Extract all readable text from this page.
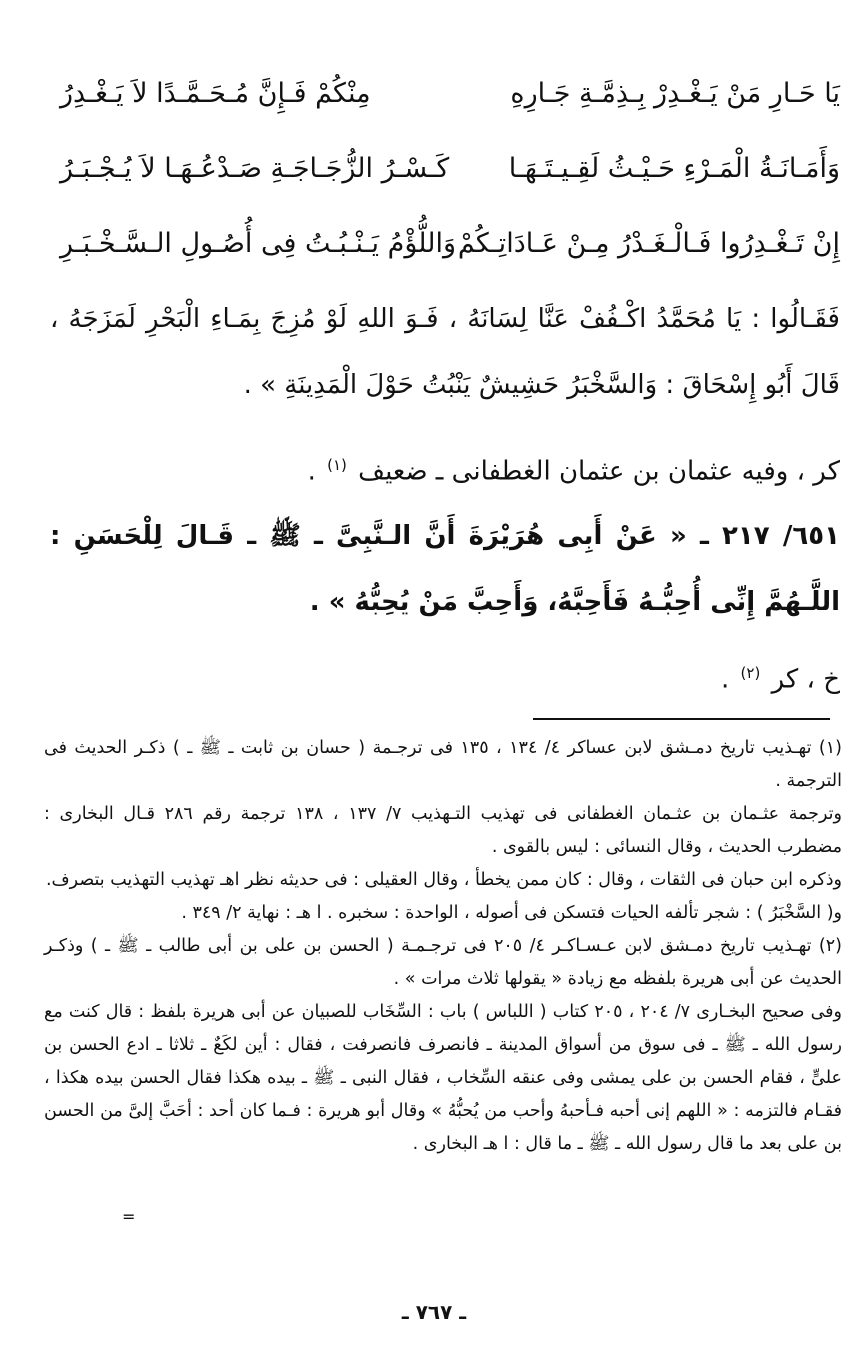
يَا حَـارِ مَنْ يَـغْـدِرْ بِـذِمَّـةِ جَـارِهِ
مِنْكُمْ فَـإِنَّ مُـحَـمَّـدًا لاَ يَـغْـدِرُ
وَأَمَـانَـةُ الْمَـرْءِ حَـيْـثُ لَقِـيـتَـهَـا
كَـسْـرُ الزُّجَـاجَـةِ صَـدْعُـهَـا لاَ يُـجْـبَـرُ
إِنْ تَـغْـدِرُوا فَـالْـغَـدْرُ مِـنْ عَـادَاتِـكُمْ
وَاللُّؤْمُ يَـنْـبُـتُ فِى أُصُـولِ الـسَّـخْـبَـرِ
فَقَـالُوا : يَا مُحَمَّدُ اكْـفُفْ عَنَّا لِسَانَهُ ، فَـوَ اللهِ لَوْ مُزِجَ بِمَـاءِ الْبَحْرِ لَمَزَجَهُ ، قَالَ أَبُو إِسْحَاقَ : وَالسَّخْبَرُ حَشِيشٌ يَنْبُتُ حَوْلَ الْمَدِينَةِ » .
كر ، وفيه عثمان بن عثمان الغطفانى ـ ضعيف $^{(١)}$ .
٦٥١/ ٢١٧ ـ « عَنْ أَبِى هُرَيْرَةَ أَنَّ الـنَّبِىَّ ـ ﷺ ـ قَـالَ لِلْحَسَنِ : اللَّـهُمَّ إِنِّى أُحِبُّـهُ فَأَحِبَّهُ، وَأَحِبَّ مَنْ يُحِبُّهُ » .
خ ، كر $^{(٢)}$ .

(١) تهـذيب تاريخ دمـشق لابن عساكر ٤/ ١٣٤ ، ١٣٥ فى ترجـمة ( حسان بن ثابت ـ ﷺ ـ ) ذكـر الحديث فى الترجمة .

وترجمة عثـمان بن عثـمان الغطفانى فى تهذيب التـهذيب ٧/ ١٣٧ ، ١٣٨ ترجمة رقم ٢٨٦ قـال البخارى : مضطرب الحديث ، وقال النسائى : ليس بالقوى .

وذكره ابن حبان فى الثقات ، وقال : كان ممن يخطأ ، وقال العقيلى : فى حديثه نظر اهـ تهذيب التهذيب بتصرف.

و( السَّخْبَرُ ) : شجر تألفه الحيات فتسكن فى أصوله ، الواحدة : سخبره . ا هـ : نهاية ٢/ ٣٤٩ .

(٢) تهـذيب تاريخ دمـشق لابن عـسـاكـر ٤/ ٢٠٥ فى ترجـمـة ( الحسن بن على بن أبى طالب ـ ﷺ ـ ) وذكـر الحديث عن أبى هريرة بلفظه مع زيادة « يقولها ثلاث مرات » .

وفى صحيح البخـارى ٧/ ٢٠٤ ، ٢٠٥ كتاب ( اللباس ) باب : السِّخَاب للصبيان عن أبى هريرة بلفظ : قال كنت مع رسول الله ـ ﷺ ـ فى سوق من أسواق المدينة ـ فانصرف فانصرفت ، فقال : أين لكَعٌ ـ ثلاثا ـ ادع الحسن بن علىٍّ ، فقام الحسن بن على يمشى وفى عنقه السِّخاب ، فقال النبى ـ ﷺ ـ بيده هكذا فقال الحسن بيده هكذا ، فقـام فالتزمه : « اللهم إنى أحبه فـأحبهُ وأحب من يُحبُّهُ » وقال أبو هريرة : فـما كان أحد : أحَبَّ إلىَّ من الحسن بن على بعد ما قال رسول الله ـ ﷺ ـ ما قال : ا هـ البخارى .

=
ـ ٧٦٧ ـ
